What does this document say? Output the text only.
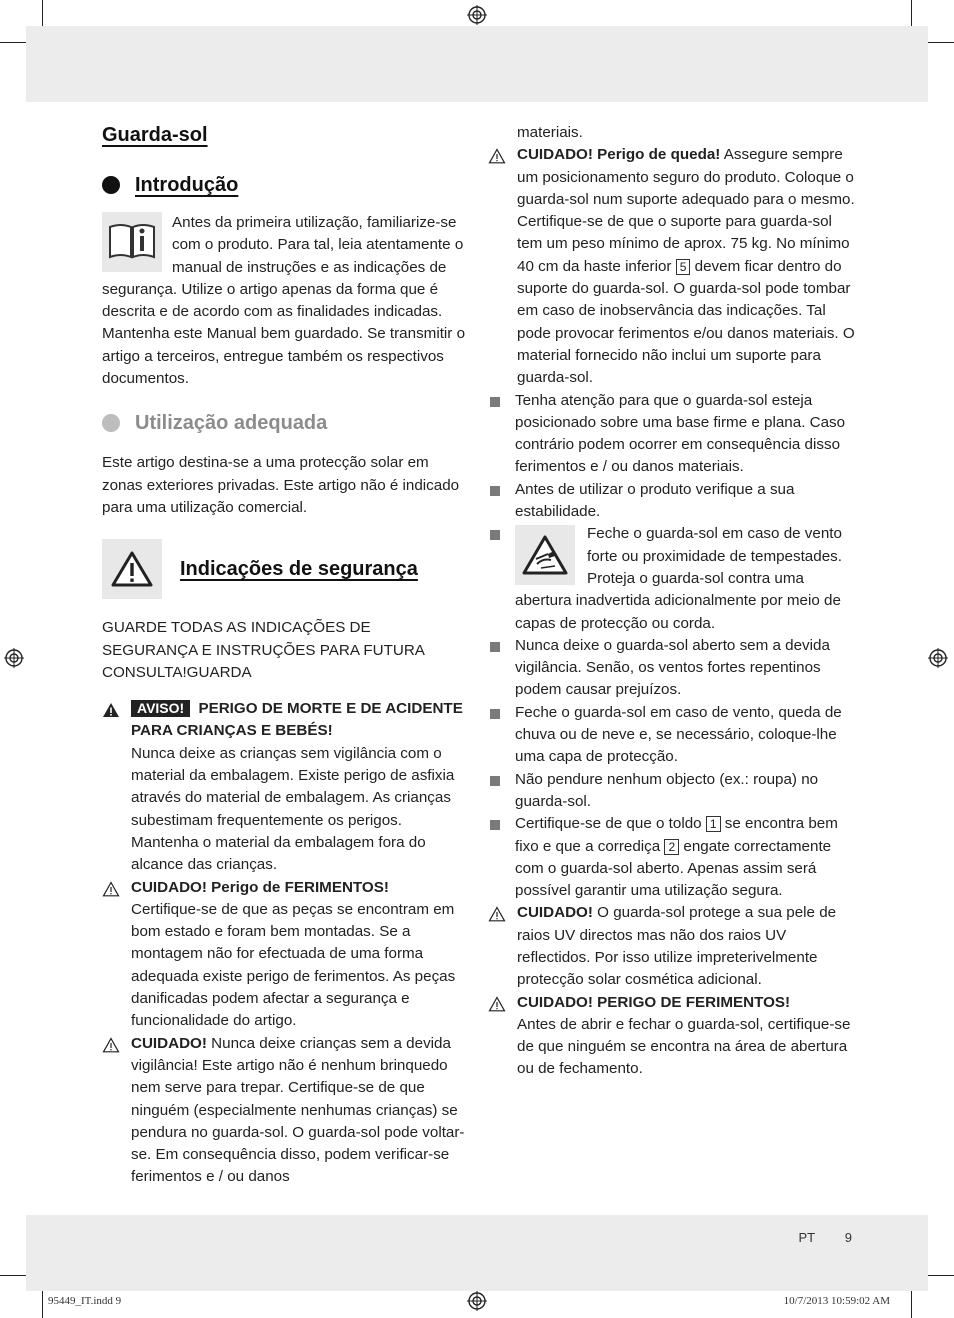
Guarda-sol
Introdução

Antes da primeira utilização, familiarize-se com o produto. Para tal, leia atentamente o manual de instruções e as indicações de segurança. Utilize o artigo apenas da forma que é descrita e de acordo com as finalidades indicadas. Mantenha este Manual bem guardado. Se transmitir o artigo a terceiros, entregue também os respectivos documentos.

Utilização adequada

Este artigo destina-se a uma protecção solar em zonas exteriores privadas. Este artigo não é indicado para uma utilização comercial.

Indicações de segurança

GUARDE TODAS AS INDICAÇÕES DE SEGURANÇA E INSTRUÇÕES PARA FUTURA CONSULTA!GUARDA

AVISO! PERIGO DE MORTE E DE ACIDENTE PARA CRIANÇAS E BEBÉS!
Nunca deixe as crianças sem vigilância com o material da embalagem. Existe perigo de asfixia através do material de embalagem. As crianças subestimam frequentemente os perigos. Mantenha o material da embalagem fora do alcance das crianças.
CUIDADO! Perigo de FERIMENTOS!
Certifique-se de que as peças se encontram em bom estado e foram bem montadas. Se a montagem não for efectuada de uma forma adequada existe perigo de ferimentos. As peças danificadas podem afectar a segurança e funcionalidade do artigo.
CUIDADO! Nunca deixe crianças sem a devida vigilância! Este artigo não é nenhum brinquedo nem serve para trepar. Certifique-se de que ninguém (especialmente nenhumas crianças) se pendura no guarda-sol. O guarda-sol pode voltar-se. Em consequência disso, podem verificar-se ferimentos e / ou danos

materiais.

CUIDADO! Perigo de queda! Assegure sempre um posicionamento seguro do produto. Coloque o guarda-sol num suporte adequado para o mesmo. Certifique-se de que o suporte para guarda-sol tem um peso mínimo de aprox. 75 kg. No mínimo 40 cm da haste inferior 5 devem ficar dentro do suporte do guarda-sol. O guarda-sol pode tombar em caso de inobservância das indicações. Tal pode provocar ferimentos e/ou danos materiais. O material fornecido não inclui um suporte para guarda-sol.
Tenha atenção para que o guarda-sol esteja posicionado sobre uma base firme e plana. Caso contrário podem ocorrer em consequência disso ferimentos e / ou danos materiais.
Antes de utilizar o produto verifique a sua estabilidade.
Feche o guarda-sol em caso de vento forte ou proximidade de tempestades. Proteja o guarda-sol contra uma abertura inadvertida adicionalmente por meio de capas de protecção ou corda.
Nunca deixe o guarda-sol aberto sem a devida vigilância. Senão, os ventos fortes repentinos podem causar prejuízos.
Feche o guarda-sol em caso de vento, queda de chuva ou de neve e, se necessário, coloque-lhe uma capa de protecção.
Não pendure nenhum objecto (ex.: roupa) no guarda-sol.
Certifique-se de que o toldo 1 se encontra bem fixo e que a corrediça 2 engate correctamente com o guarda-sol aberto. Apenas assim será possível garantir uma utilização segura.
CUIDADO! O guarda-sol protege a sua pele de raios UV directos mas não dos raios UV reflectidos. Por isso utilize impreterivelmente protecção solar cosmética adicional.
CUIDADO! PERIGO DE FERIMENTOS!
Antes de abrir e fechar o guarda-sol, certifique-se de que ninguém se encontra na área de abertura ou de fechamento.
PT 9
95449_IT.indd 9	10/7/2013 10:59:02 AM
